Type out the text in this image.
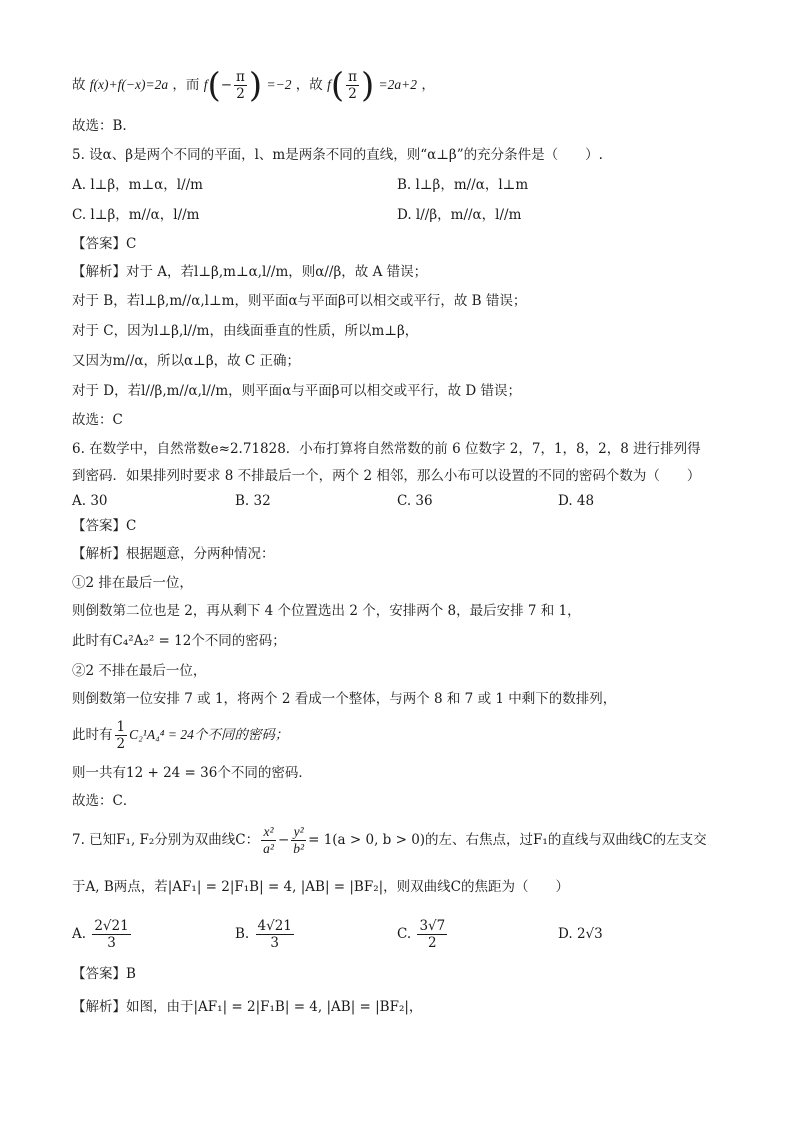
故 f(x)+f(−x)=2a ，而 $f(- \frac{\pi}{2}$ ) =−2 ，故 $f( \frac{\pi}{2}$ ) =2a+2 ，
故选：B.
5. 设α、β是两个不同的平面，l、m是两条不同的直线，则“α⊥β”的充分条件是（　　）.
A. l⊥β，m⊥α，l//m	B. l⊥β，m//α，l⊥m
C. l⊥β，m//α，l//m	D. l//β，m//α，l//m
【答案】C
【解析】对于 A，若l⊥β,m⊥α,l//m，则α//β，故 A 错误；
对于 B，若l⊥β,m//α,l⊥m，则平面α与平面β可以相交或平行，故 B 错误；
对于 C，因为l⊥β,l//m，由线面垂直的性质，所以m⊥β，
又因为m//α，所以α⊥β，故 C 正确；
对于 D，若l//β,m//α,l//m，则平面α与平面β可以相交或平行，故 D 错误；
故选：C
6. 在数学中，自然常数e≈2.71828．小布打算将自然常数的前 6 位数字 2，7，1，8，2，8 进行排列得
到密码．如果排列时要求 8 不排最后一个，两个 2 相邻，那么小布可以设置的不同的密码个数为（　　）
A. 30	B. 32	C. 36	D. 48
【答案】C
【解析】根据题意，分两种情况：
①2 排在最后一位，
则倒数第二位也是 2，再从剩下 4 个位置选出 2 个，安排两个 8，最后安排 7 和 1，
此时有C₄²A₂² = 12个不同的密码；
②2 不排在最后一位，
则倒数第一位安排 7 或 1，将两个 2 看成一个整体，与两个 8 和 7 或 1 中剩下的数排列，
此时有 $\frac{1}{2} C_2^1A_4^4 = 24$个不同的密码；
则一共有12 + 24 = 36个不同的密码．
故选：C．
7. 已知F₁, F₂分别为双曲线C： $\frac{\text{x²}}{\text{a²}} - \frac{\text{y²}}{\text{b²}} = 1(a > 0$, b > 0)的左、右焦点，过F₁的直线与双曲线C的左支交
于A, B两点，若|AF₁| = 2|F₁B| = 4, |AB| = |BF₂|，则双曲线C的焦距为（　　）
A. $\frac{2√21}{3}$	B. $\frac{4√21}{3}$	C. $\frac{3√7}{2}$	D. 2√3
【答案】B
【解析】如图，由于|AF₁| = 2|F₁B| = 4, |AB| = |BF₂|，
